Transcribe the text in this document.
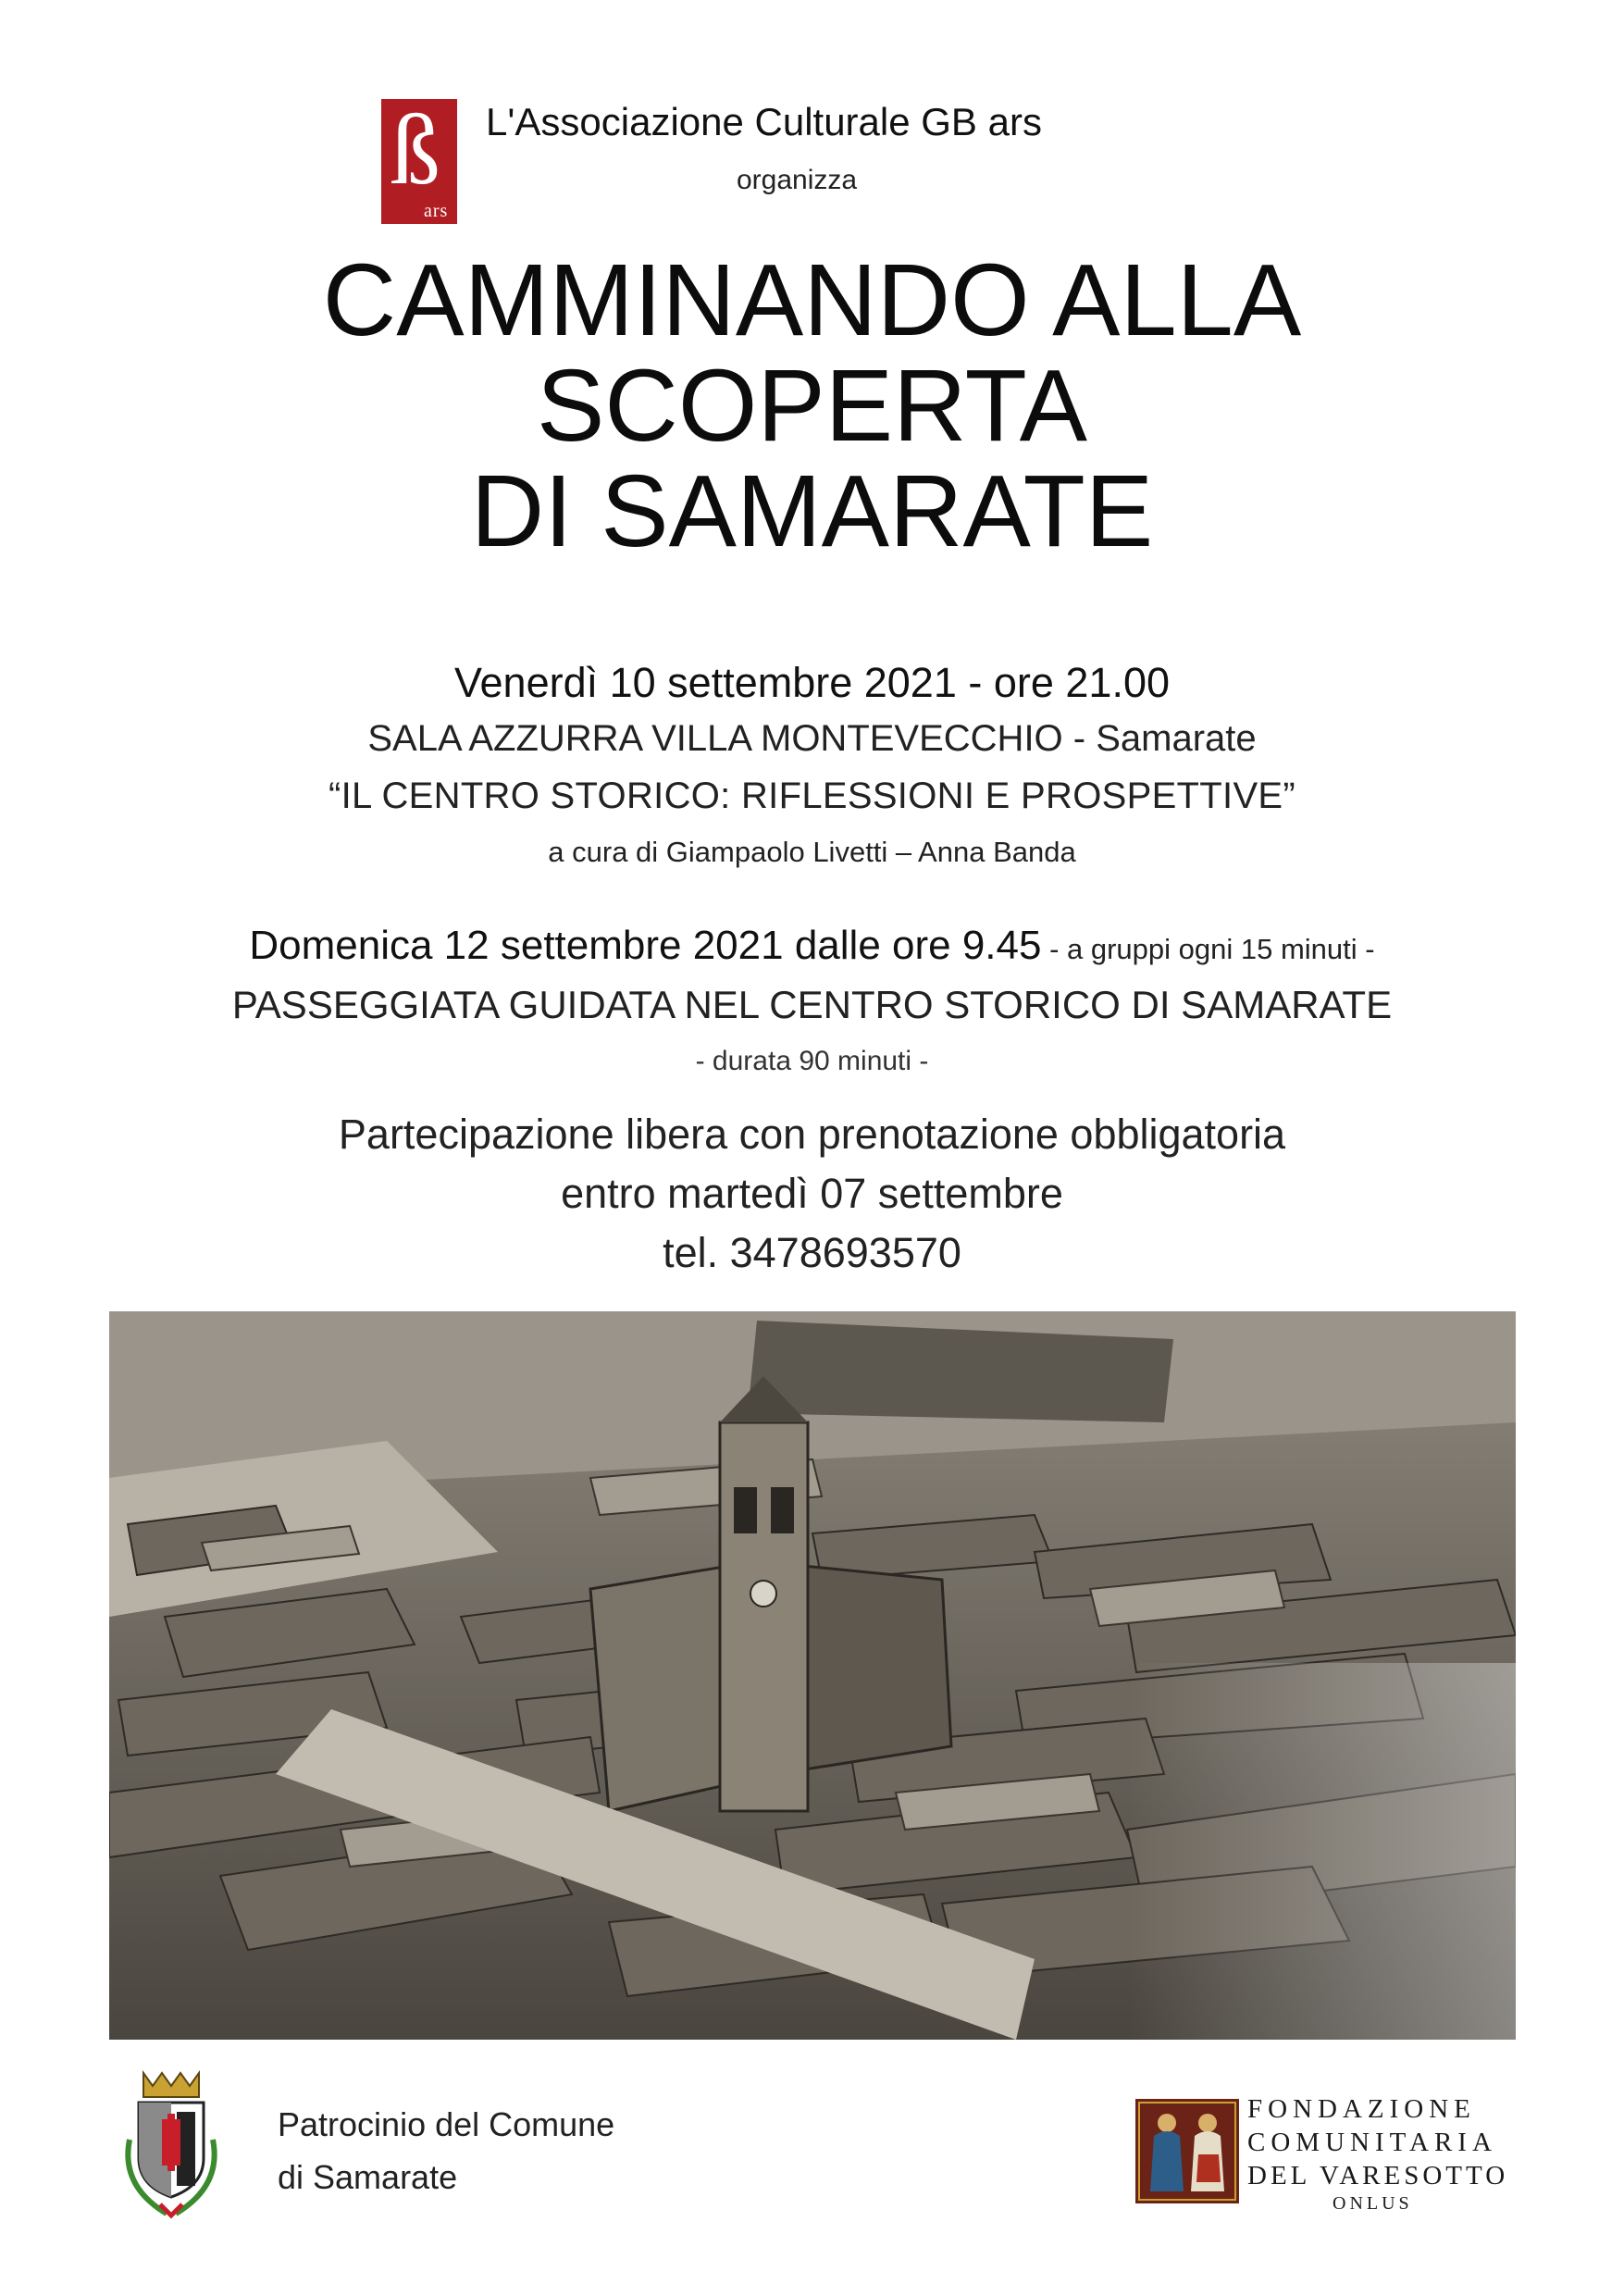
ß
ars
L'Associazione Culturale GB ars
organizza
CAMMINANDO ALLA
SCOPERTA
DI SAMARATE
Venerdì 10 settembre 2021 - ore 21.00
SALA AZZURRA VILLA MONTEVECCHIO - Samarate
“IL CENTRO STORICO: RIFLESSIONI E PROSPETTIVE”
a cura di Giampaolo Livetti – Anna Banda
Domenica 12 settembre 2021 dalle ore 9.45 - a gruppi ogni 15 minuti -
PASSEGGIATA GUIDATA NEL CENTRO STORICO DI SAMARATE
- durata 90 minuti -
Partecipazione libera con prenotazione obbligatoria
entro martedì 07 settembre
tel. 3478693570
Patrocinio del Comune
di Samarate
FONDAZIONE
COMUNITARIA
DEL VARESOTTO
ONLUS
